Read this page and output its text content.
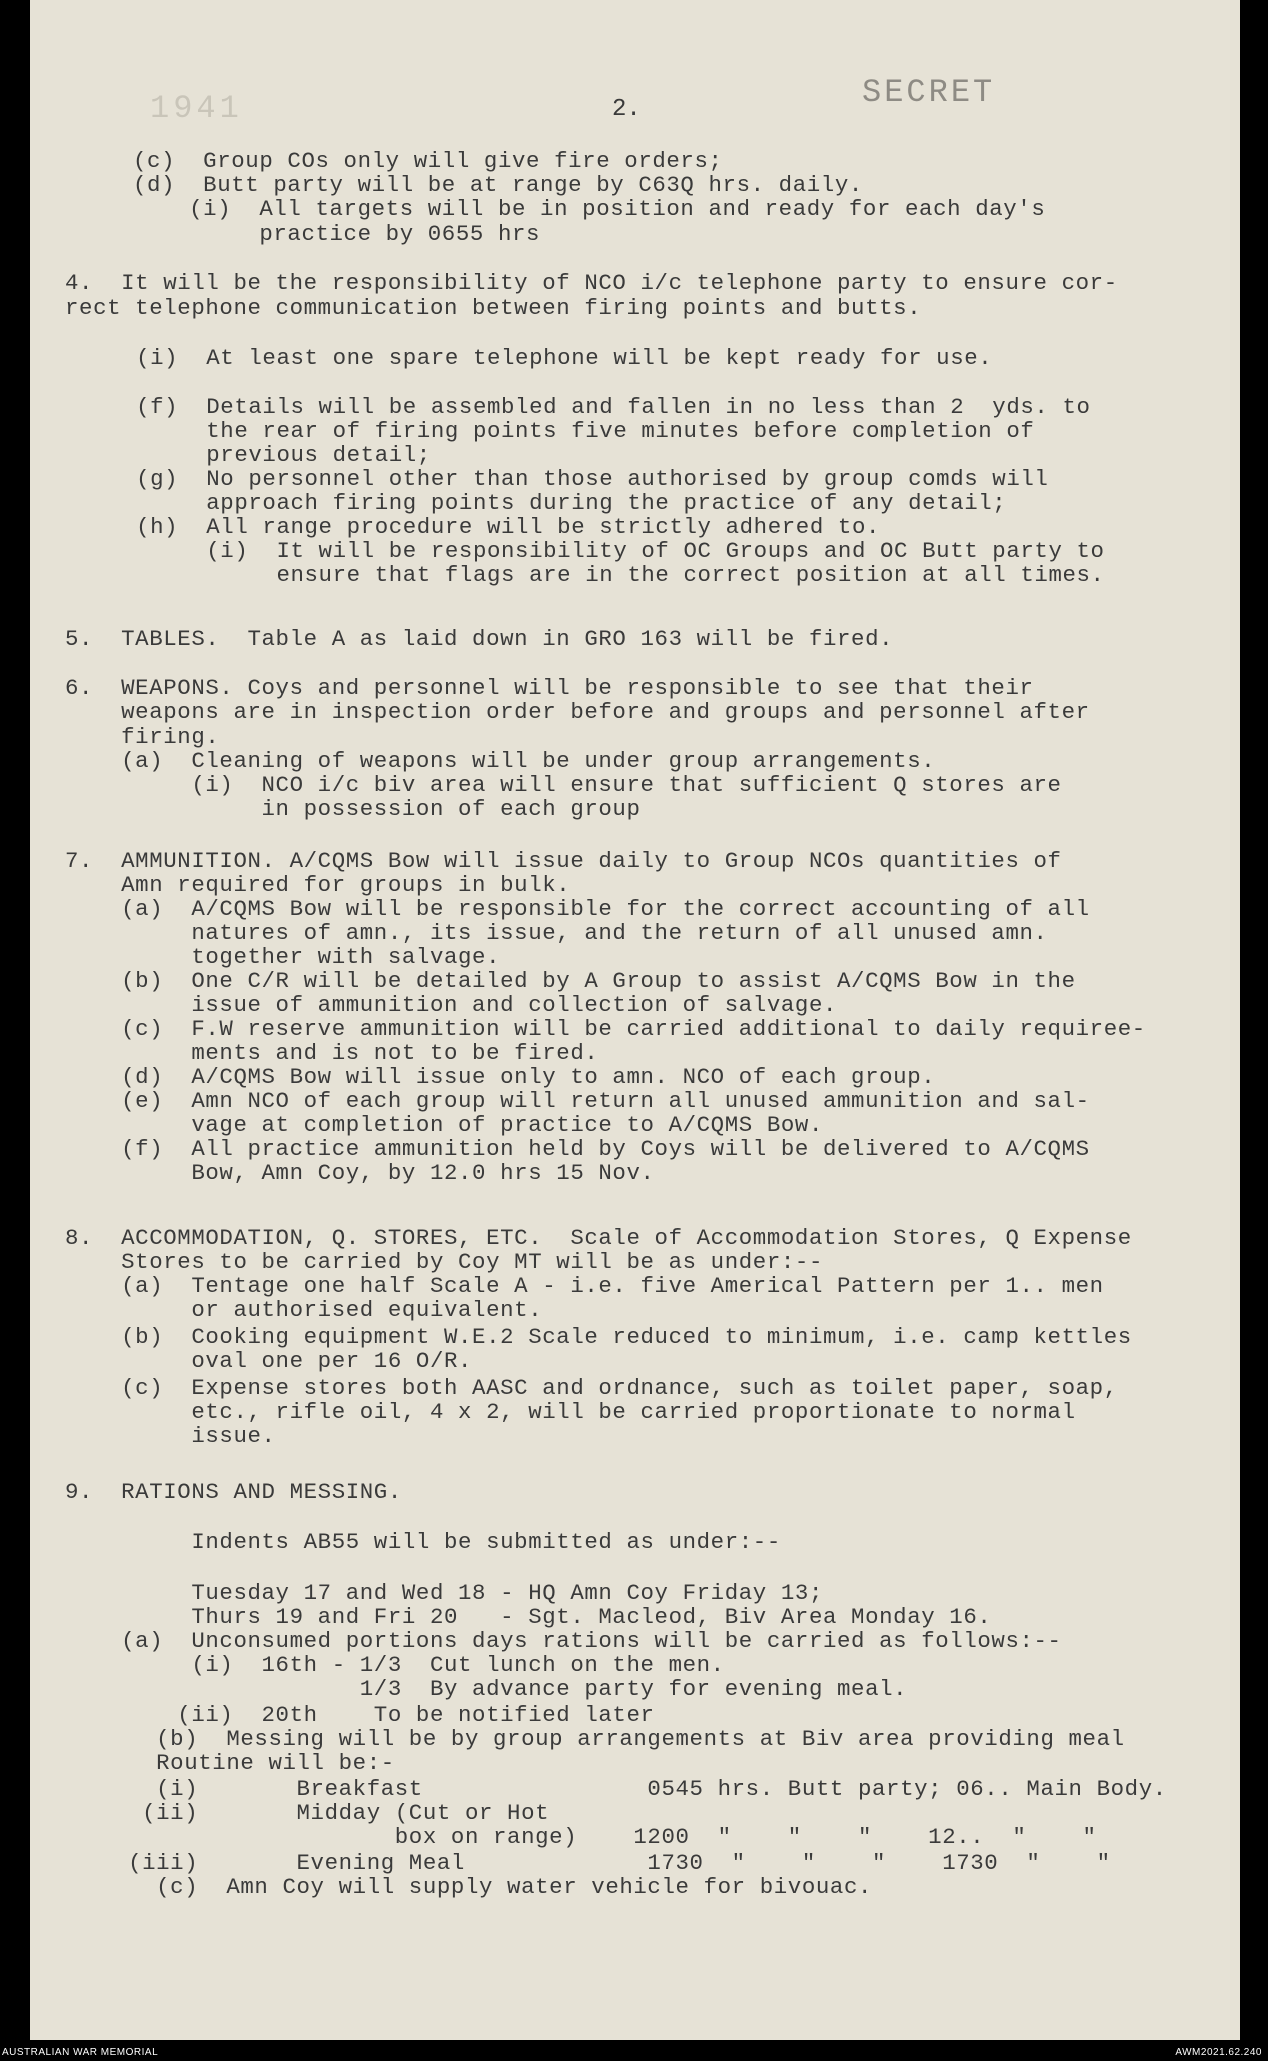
1941	SECRET
2.
(c)  Group COs only will give fire orders;
(d)  Butt party will be at range by C63Q hrs. daily.
(i)  All targets will be in position and ready for each day's
practice by 0655 hrs
4.  It will be the responsibility of NCO i/c telephone party to ensure cor-
rect telephone communication between firing points and butts.
(i)  At least one spare telephone will be kept ready for use.
(f)  Details will be assembled and fallen in no less than 2  yds. to
the rear of firing points five minutes before completion of
previous detail;
(g)  No personnel other than those authorised by group comds will
approach firing points during the practice of any detail;
(h)  All range procedure will be strictly adhered to.
(i)  It will be responsibility of OC Groups and OC Butt party to
ensure that flags are in the correct position at all times.
5.  TABLES.  Table A as laid down in GRO 163 will be fired.
6.  WEAPONS. Coys and personnel will be responsible to see that their
weapons are in inspection order before and groups and personnel after
firing.
(a)  Cleaning of weapons will be under group arrangements.
(i)  NCO i/c biv area will ensure that sufficient Q stores are
in possession of each group
7.  AMMUNITION. A/CQMS Bow will issue daily to Group NCOs quantities of
Amn required for groups in bulk.
(a)  A/CQMS Bow will be responsible for the correct accounting of all
natures of amn., its issue, and the return of all unused amn.
together with salvage.
(b)  One C/R will be detailed by A Group to assist A/CQMS Bow in the
issue of ammunition and collection of salvage.
(c)  F.W reserve ammunition will be carried additional to daily requiree-
ments and is not to be fired.
(d)  A/CQMS Bow will issue only to amn. NCO of each group.
(e)  Amn NCO of each group will return all unused ammunition and sal-
vage at completion of practice to A/CQMS Bow.
(f)  All practice ammunition held by Coys will be delivered to A/CQMS
Bow, Amn Coy, by 12.0 hrs 15 Nov.
8.  ACCOMMODATION, Q. STORES, ETC.  Scale of Accommodation Stores, Q Expense
Stores to be carried by Coy MT will be as under:--
(a)  Tentage one half Scale A - i.e. five Americal Pattern per 1.. men
or authorised equivalent.
(b)  Cooking equipment W.E.2 Scale reduced to minimum, i.e. camp kettles
oval one per 16 O/R.
(c)  Expense stores both AASC and ordnance, such as toilet paper, soap,
etc., rifle oil, 4 x 2, will be carried proportionate to normal
issue.
9.  RATIONS AND MESSING.
Indents AB55 will be submitted as under:--
Tuesday 17 and Wed 18 - HQ Amn Coy Friday 13;
Thurs 19 and Fri 20   - Sgt. Macleod, Biv Area Monday 16.
(a)  Unconsumed portions days rations will be carried as follows:--
(i)  16th - 1/3  Cut lunch on the men.
1/3  By advance party for evening meal.
(ii)  20th    To be notified later
(b)  Messing will be by group arrangements at Biv area providing meal
Routine will be:-
(i)       Breakfast                0545 hrs. Butt party; 06.. Main Body.
(ii)       Midday (Cut or Hot
box on range)    1200  "    "    "    12..  "    "
(iii)       Evening Meal             1730  "    "    "    1730  "    "
(c)  Amn Coy will supply water vehicle for bivouac.
AUSTRALIAN WAR MEMORIAL	AWM2021.62.240
